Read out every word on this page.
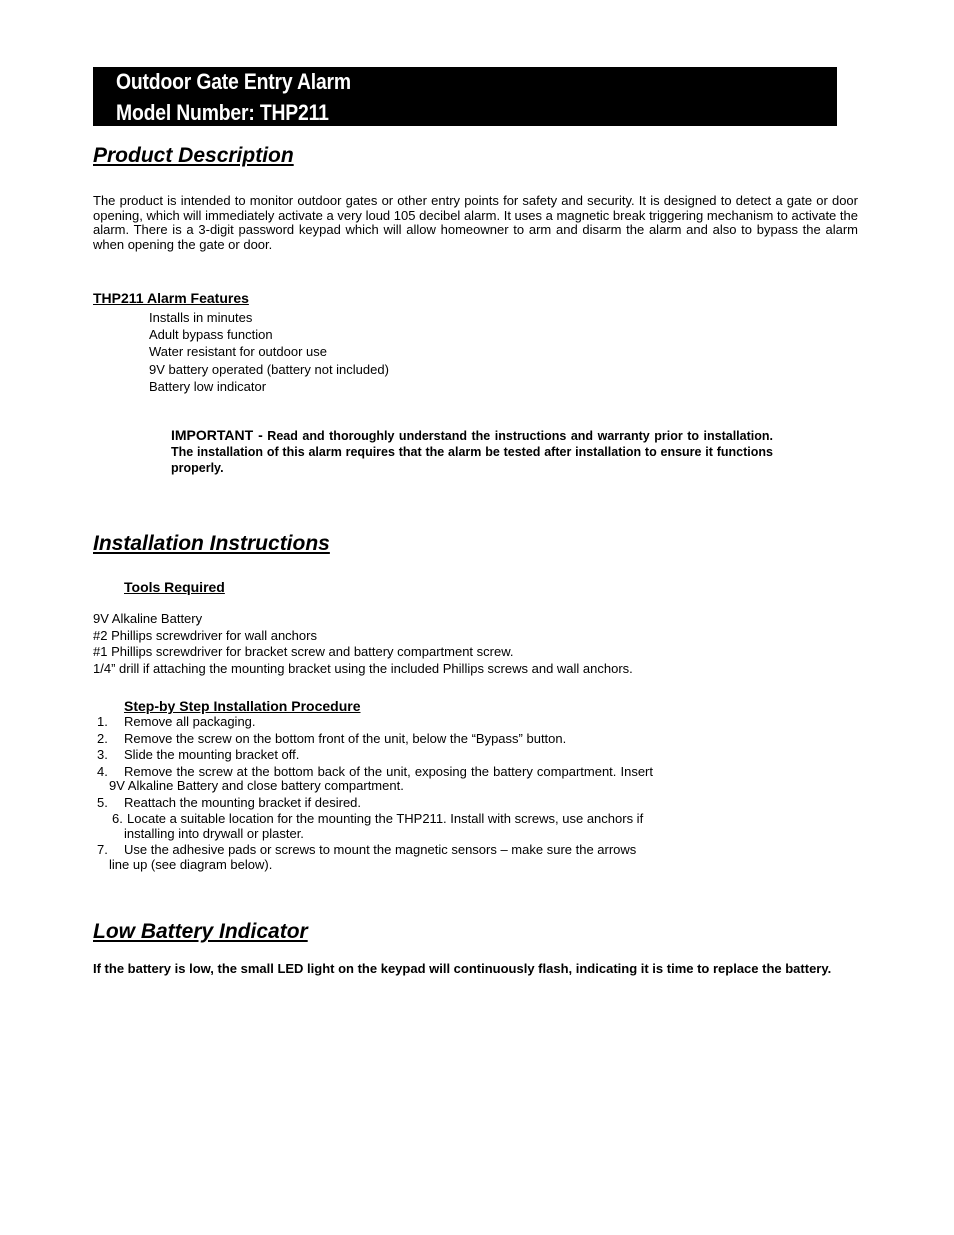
Outdoor Gate Entry Alarm
Model Number: THP211
Product Description

The product is intended to monitor outdoor gates or other entry points for safety and security. It is designed to detect a gate or door opening, which will immediately activate a very loud 105 decibel alarm. It uses a magnetic break triggering mechanism to activate the alarm. There is a 3-digit password keypad which will allow homeowner to arm and disarm the alarm and also to bypass the alarm when opening the gate or door.

THP211 Alarm Features
Installs in minutes
Adult bypass function
Water resistant for outdoor use
9V battery operated (battery not included)
Battery low indicator

IMPORTANT - Read and thoroughly understand the instructions and warranty prior to installation. The installation of this alarm requires that the alarm be tested after installation to ensure it functions properly.

Installation Instructions
Tools Required
9V Alkaline Battery
#2 Phillips screwdriver for wall anchors
#1 Phillips screwdriver for bracket screw and battery compartment screw.
1/4” drill if attaching the mounting bracket using the included Phillips screws and wall anchors.
Step-by Step Installation Procedure
1.	Remove all packaging.
2.	Remove the screw on the bottom front of the unit, below the “Bypass” button.
3.	Slide the mounting bracket off.
4.	Remove the screw at the bottom back of the unit, exposing the battery compartment. Insert 9V Alkaline Battery and close battery compartment.
5.	Reattach the mounting bracket if desired.
6. Locate a suitable location for the mounting the THP211. Install with screws, use anchors if installing into drywall or plaster.
7.	Use the adhesive pads or screws to mount the magnetic sensors – make sure the arrows line up (see diagram below).
Low Battery Indicator

If the battery is low, the small LED light on the keypad will continuously flash, indicating it is time to replace the battery.
